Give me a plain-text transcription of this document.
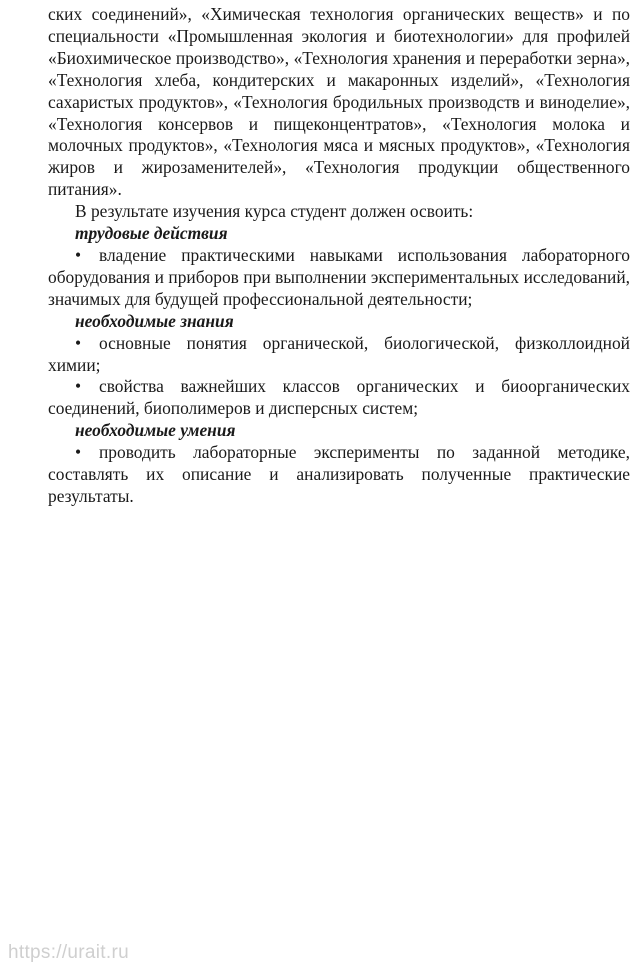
ских соединений», «Химическая технология органических веществ» и по специальности «Промышленная экология и биотехнологии» для профилей «Биохимическое производство», «Технология хранения и переработки зерна», «Технология хлеба, кондитерских и макаронных изделий», «Технология сахаристых продуктов», «Технология бродильных производств и виноделие», «Технология консервов и пищеконцентратов», «Технология молока и молочных продуктов», «Технология мяса и мясных продуктов», «Технология жиров и жирозаменителей», «Технология продукции общественного питания».

В результате изучения курса студент должен освоить:

трудовые действия

• владение практическими навыками использования лабораторного оборудования и приборов при выполнении экспериментальных исследований, значимых для будущей профессиональной деятельности;

необходимые знания

• основные понятия органической, биологической, физколлоидной химии;

• свойства важнейших классов органических и биоорганических соединений, биополимеров и дисперсных систем;

необходимые умения

• проводить лабораторные эксперименты по заданной методике, составлять их описание и анализировать полученные практические результаты.

https://urait.ru
